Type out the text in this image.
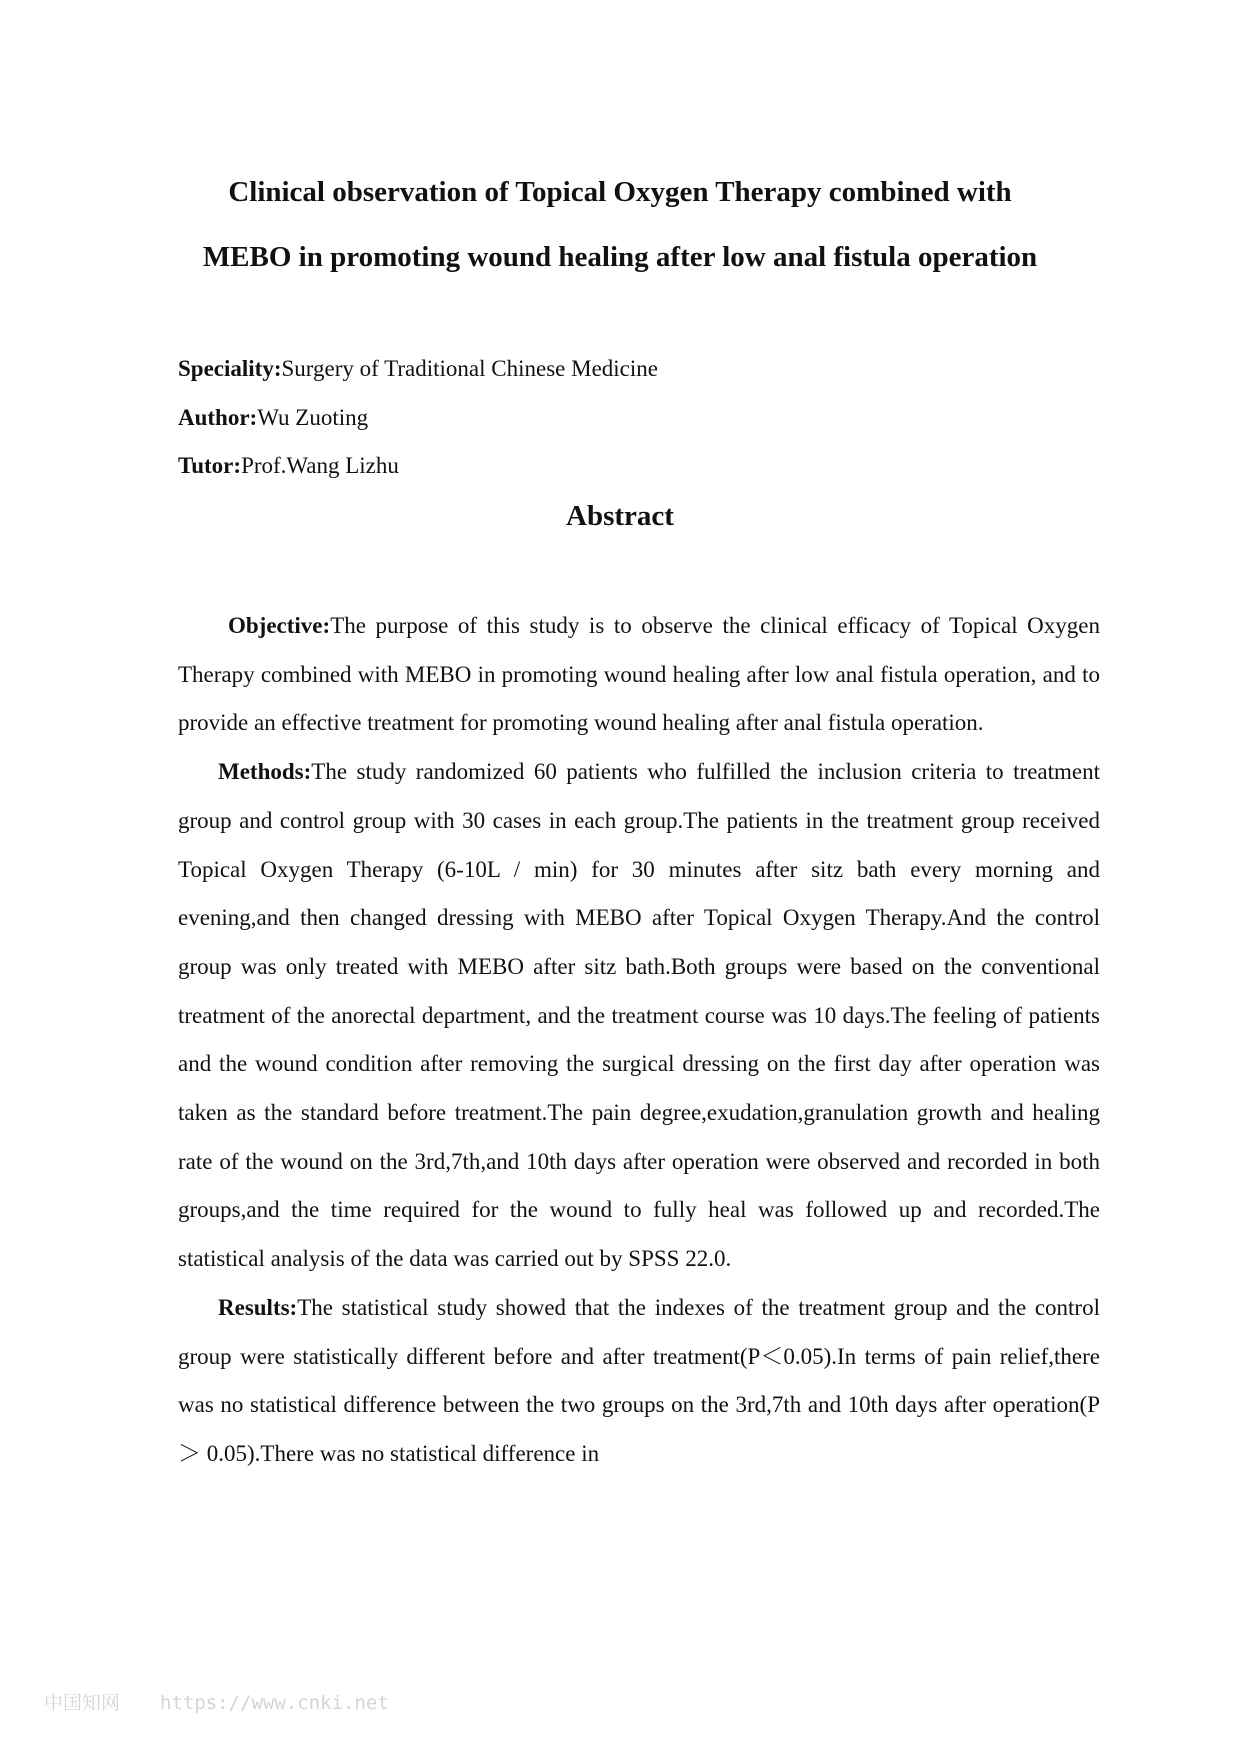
Clinical observation of Topical Oxygen Therapy combined with
MEBO in promoting wound healing after low anal fistula operation

Speciality:Surgery of Traditional Chinese Medicine

Author:Wu Zuoting

Tutor:Prof.Wang Lizhu

Abstract

Objective:The purpose of this study is to observe the clinical efficacy of Topical Oxygen Therapy combined with MEBO in promoting wound healing after low anal fistula operation, and to provide an effective treatment for promoting wound healing after anal fistula operation.

Methods:The study randomized 60 patients who fulfilled the inclusion criteria to treatment group and control group with 30 cases in each group.The patients in the treatment group received Topical Oxygen Therapy (6-10L / min) for 30 minutes after sitz bath every morning and evening,and then changed dressing with MEBO after Topical Oxygen Therapy.And the control group was only treated with MEBO after sitz bath.Both groups were based on the conventional treatment of the anorectal department, and the treatment course was 10 days.The feeling of patients and the wound condition after removing the surgical dressing on the first day after operation was taken as the standard before treatment.The pain degree,exudation,granulation growth and healing rate of the wound on the 3rd,7th,and 10th days after operation were observed and recorded in both groups,and the time required for the wound to fully heal was followed up and recorded.The statistical analysis of the data was carried out by SPSS 22.0.

Results:The statistical study showed that the indexes of the treatment group and the control group were statistically different before and after treatment(P＜0.05).In terms of pain relief,there was no statistical difference between the two groups on the 3rd,7th and 10th days after operation(P ＞ 0.05).There was no statistical difference in

中国知网 https://www.cnki.net
